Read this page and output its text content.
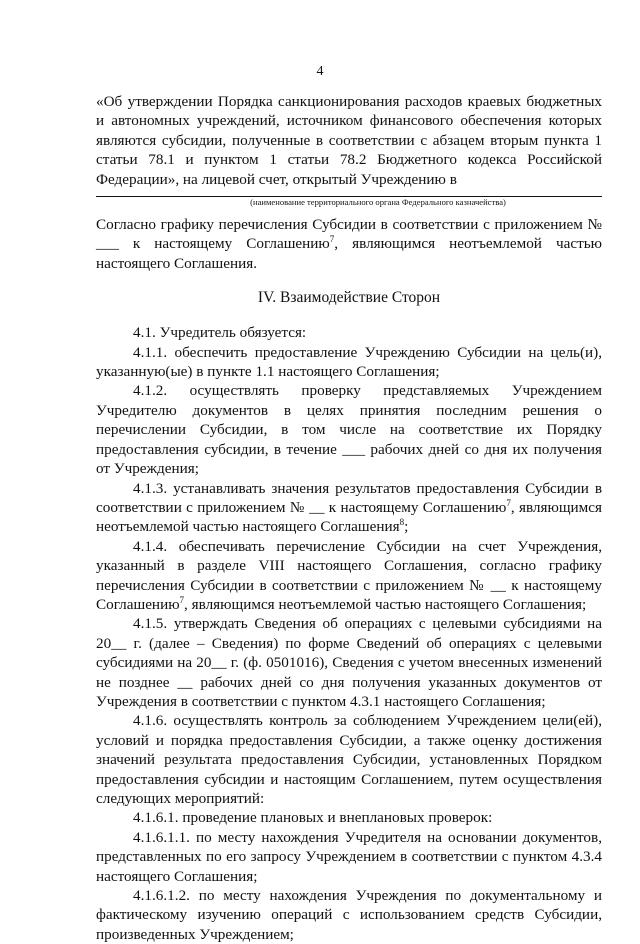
4

«Об утверждении Порядка санкционирования расходов краевых бюджетных и автономных учреждений, источником финансового обеспечения которых являются субсидии, полученные в соответствии с абзацем вторым пункта 1 статьи 78.1 и пунктом 1 статьи 78.2 Бюджетного кодекса Российской Федерации», на лицевой счет, открытый Учреждению в

(наименование территориального органа Федерального казначейства)

Согласно графику перечисления Субсидии в соответствии с приложением № ___ к настоящему Соглашению$^7$, являющимся неотъемлемой частью настоящего Соглашения.

IV. Взаимодействие Сторон

4.1. Учредитель обязуется:

4.1.1. обеспечить предоставление Учреждению Субсидии на цель(и), указанную(ые) в пункте 1.1 настоящего Соглашения;

4.1.2. осуществлять проверку представляемых Учреждением Учредителю документов в целях принятия последним решения о перечислении Субсидии, в том числе на соответствие их Порядку предоставления субсидии, в течение ___ рабочих дней со дня их получения от Учреждения;

4.1.3. устанавливать значения результатов предоставления Субсидии в соответствии с приложением № __ к настоящему Соглашению$^7$, являющимся неотъемлемой частью настоящего Соглашения$^8$;

4.1.4. обеспечивать перечисление Субсидии на счет Учреждения, указанный в разделе VIII настоящего Соглашения, согласно графику перечисления Субсидии в соответствии с приложением № __ к настоящему Соглашению$^7$, являющимся неотъемлемой частью настоящего Соглашения;

4.1.5. утверждать Сведения об операциях с целевыми субсидиями на 20__ г. (далее – Сведения) по форме Сведений об операциях с целевыми субсидиями на 20__ г. (ф. 0501016), Сведения с учетом внесенных изменений не позднее __ рабочих дней со дня получения указанных документов от Учреждения в соответствии с пунктом 4.3.1 настоящего Соглашения;

4.1.6. осуществлять контроль за соблюдением Учреждением цели(ей), условий и порядка предоставления Субсидии, а также оценку достижения значений результата предоставления Субсидии, установленных Порядком предоставления субсидии и настоящим Соглашением, путем осуществления следующих мероприятий:

4.1.6.1. проведение плановых и внеплановых проверок:

4.1.6.1.1. по месту нахождения Учредителя на основании документов, представленных по его запросу Учреждением в соответствии с пунктом 4.3.4 настоящего Соглашения;

4.1.6.1.2. по месту нахождения Учреждения по документальному и фактическому изучению операций с использованием средств Субсидии, произведенных Учреждением;
